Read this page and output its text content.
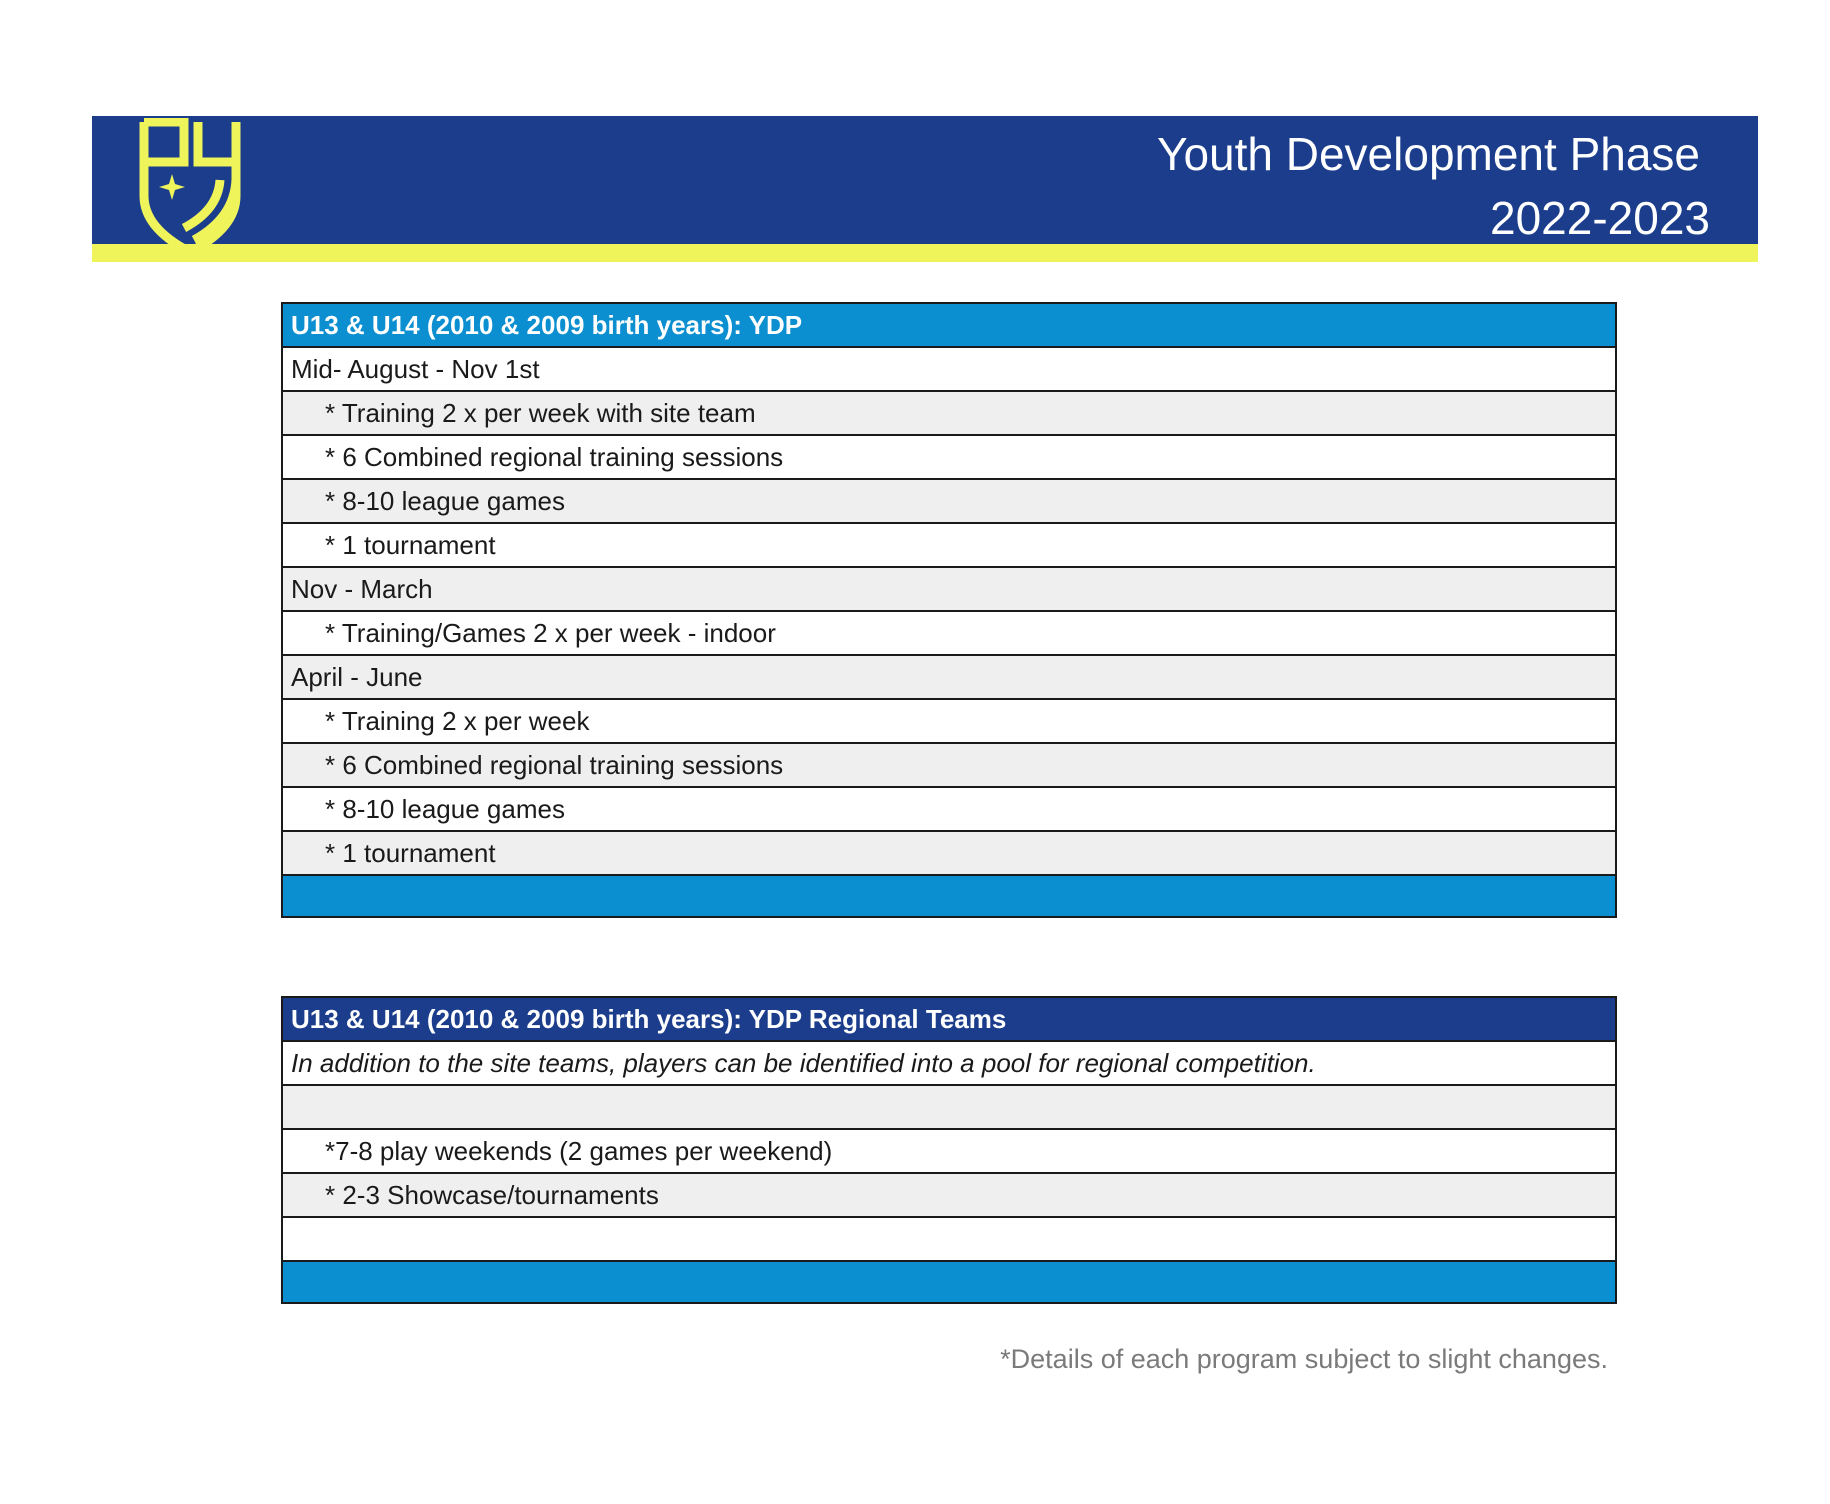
Youth Development Phase
2022-2023
U13 & U14 (2010 & 2009 birth years): YDP
Mid- August - Nov 1st
* Training 2 x per week with site team
* 6 Combined regional training sessions
* 8-10 league games
* 1 tournament
Nov - March
* Training/Games 2 x per week - indoor
April - June
* Training 2 x per week
* 6 Combined regional training sessions
* 8-10 league games
* 1 tournament

U13 & U14 (2010 & 2009 birth years): YDP Regional Teams
In addition to the site teams, players can be identified into a pool for regional competition.

*7-8 play weekends (2 games per weekend)
* 2-3 Showcase/tournaments

*Details of each program subject to slight changes.
